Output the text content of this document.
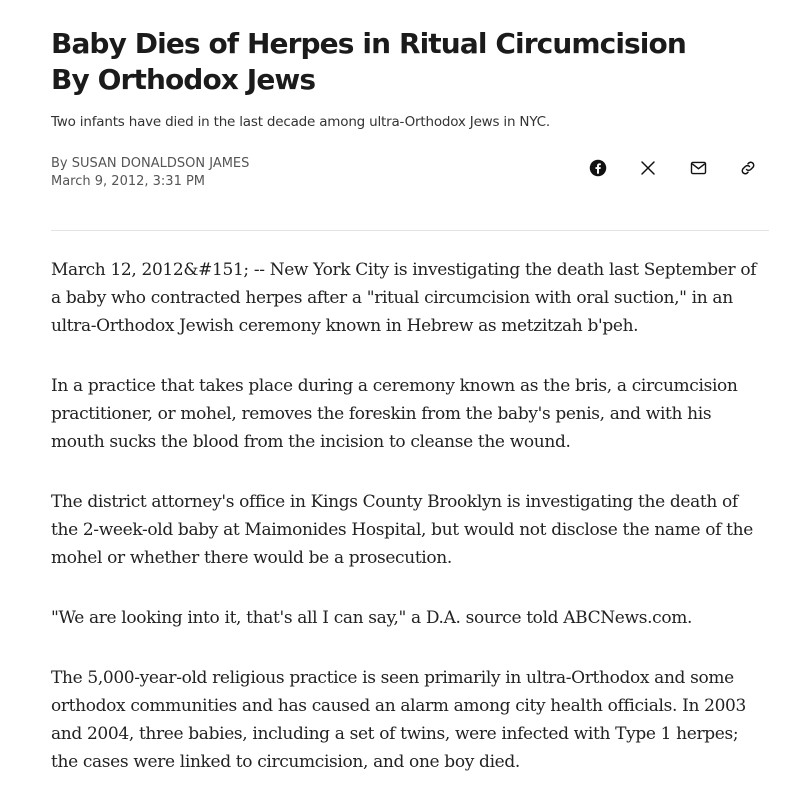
Baby Dies of Herpes in Ritual Circumcision By Orthodox Jews

Two infants have died in the last decade among ultra-Orthodox Jews in NYC.

By SUSAN DONALDSON JAMES
March 9, 2012, 3:31 PM

March 12, 2012&#151; -- New York City is investigating the death last September of a baby who contracted herpes after a "ritual circumcision with oral suction," in an ultra-Orthodox Jewish ceremony known in Hebrew as metzitzah b'peh.

In a practice that takes place during a ceremony known as the bris, a circumcision practitioner, or mohel, removes the foreskin from the baby's penis, and with his mouth sucks the blood from the incision to cleanse the wound.

The district attorney's office in Kings County Brooklyn is investigating the death of the 2-week-old baby at Maimonides Hospital, but would not disclose the name of the mohel or whether there would be a prosecution.

"We are looking into it, that's all I can say," a D.A. source told ABCNews.com.

The 5,000-year-old religious practice is seen primarily in ultra-Orthodox and some orthodox communities and has caused an alarm among city health officials. In 2003 and 2004, three babies, including a set of twins, were infected with Type 1 herpes; the cases were linked to circumcision, and one boy died.
